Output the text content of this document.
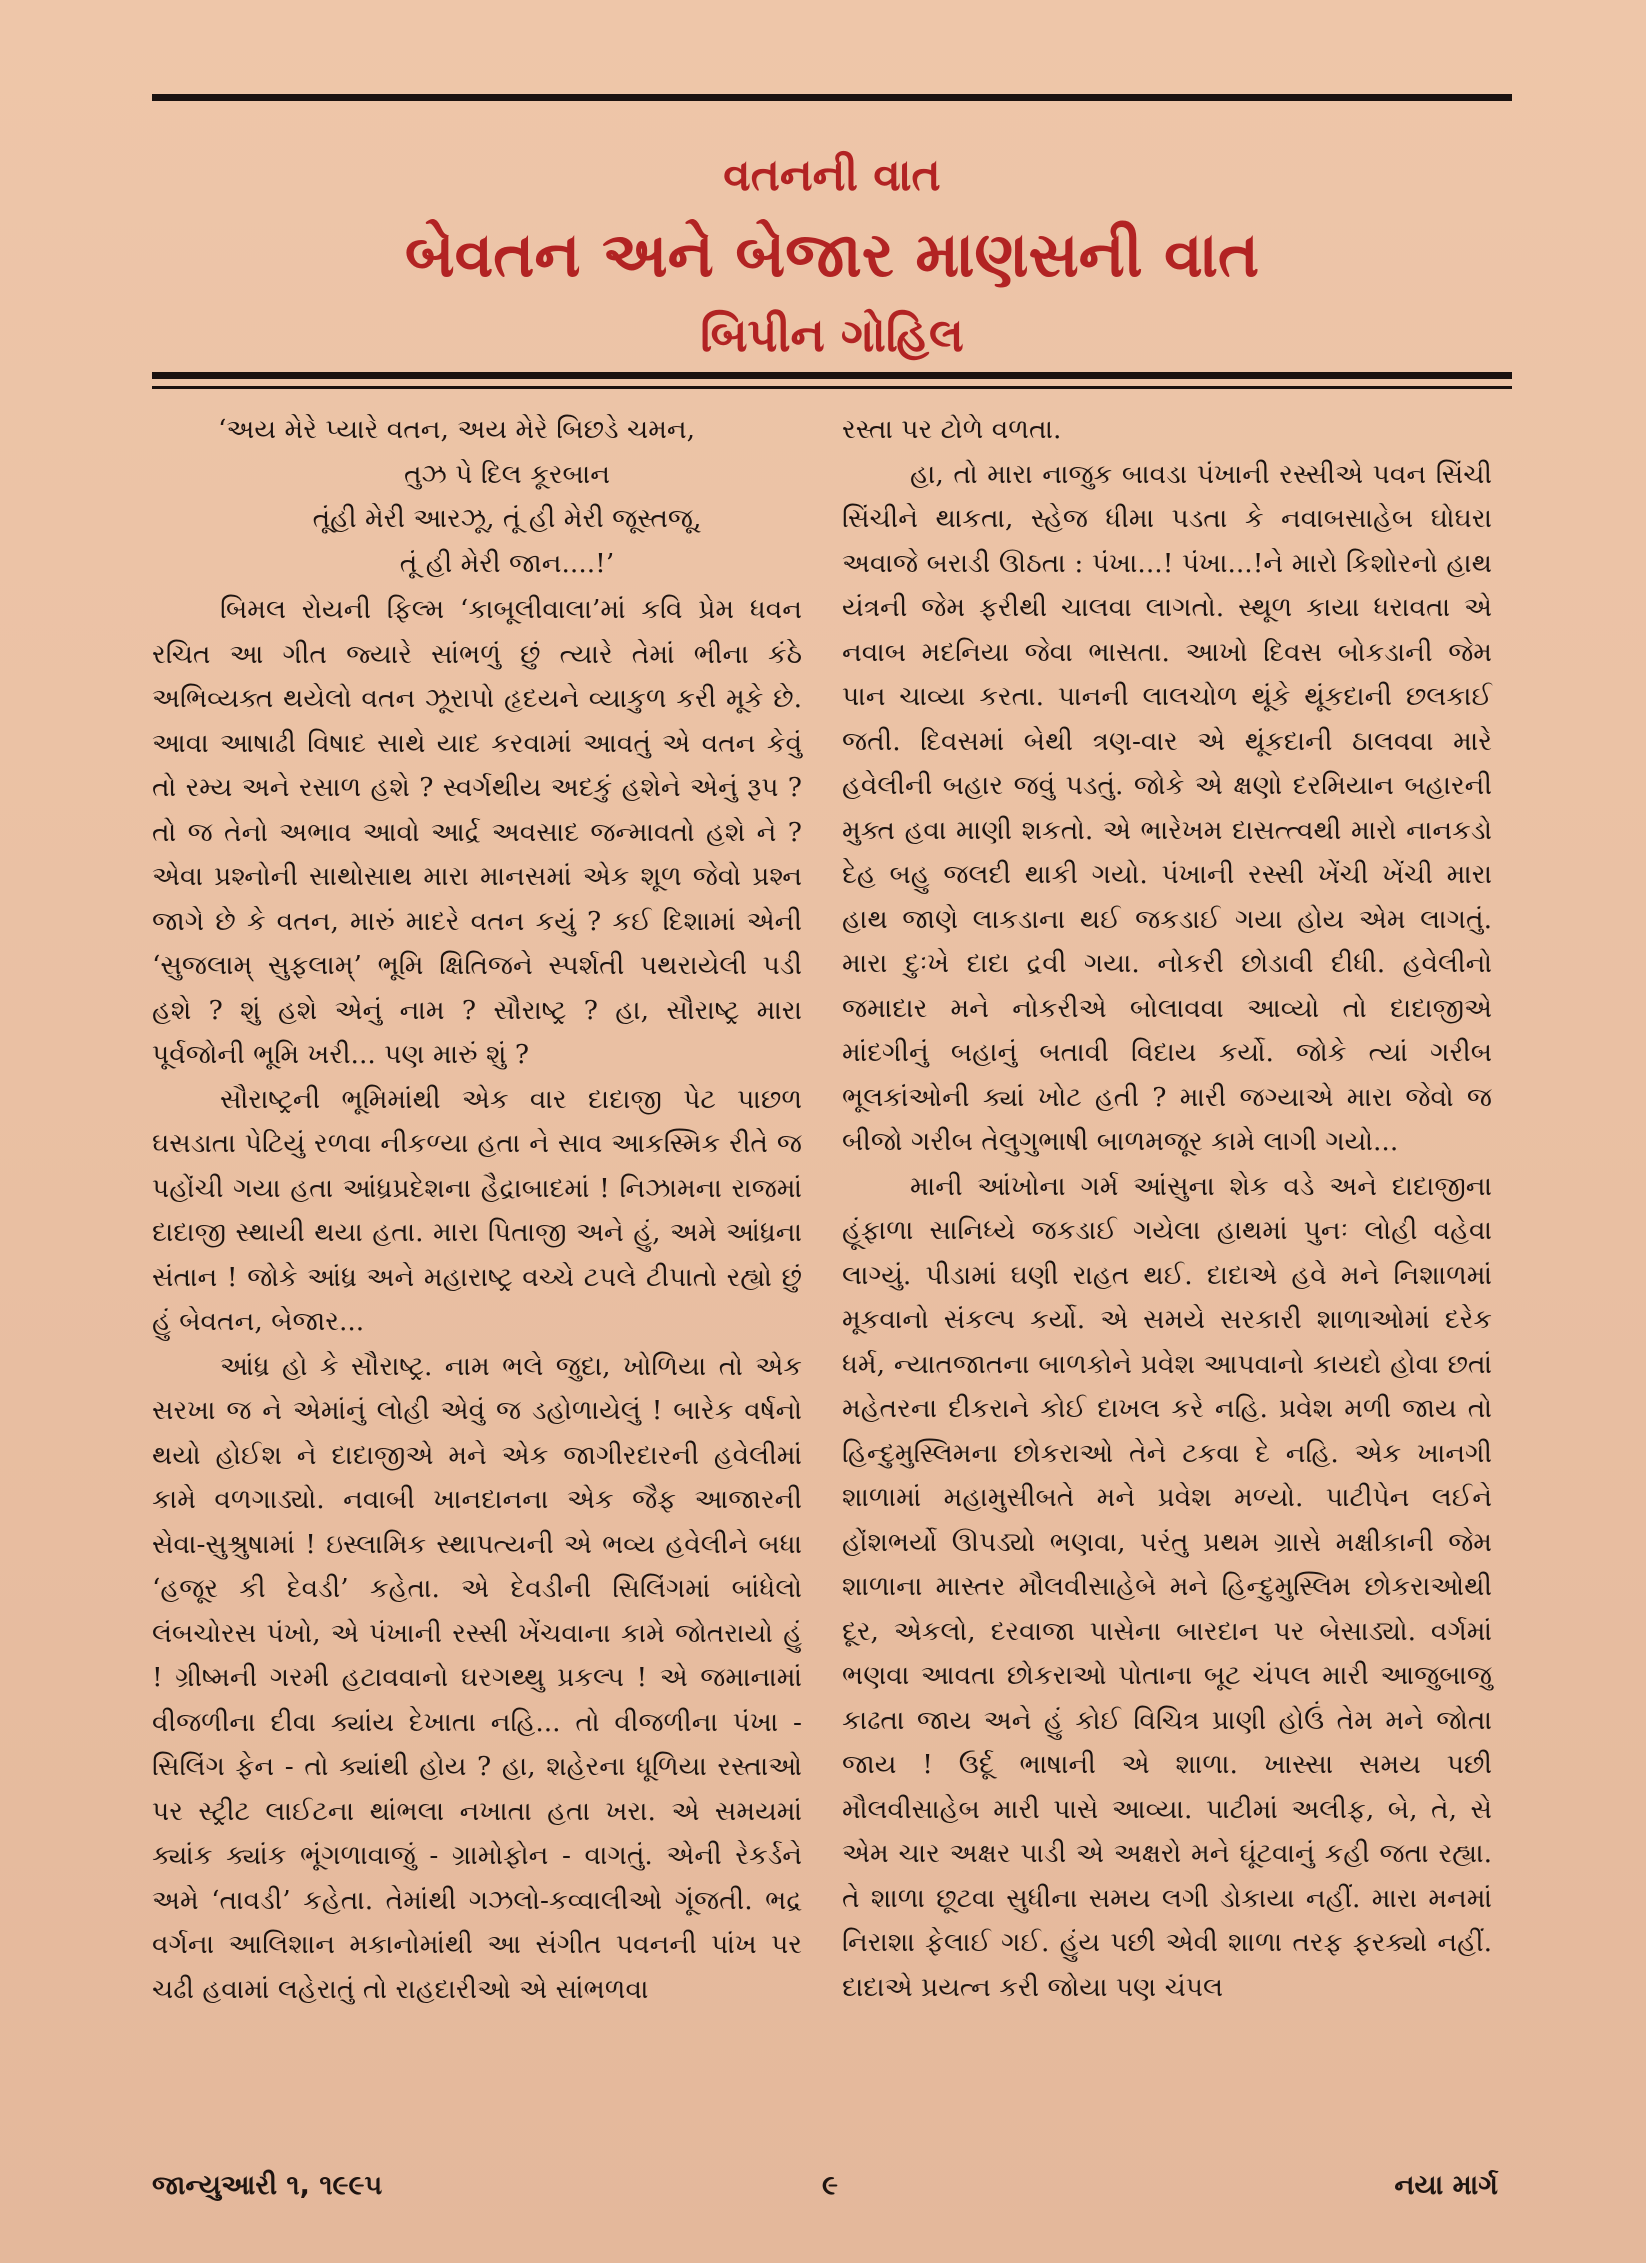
વતનની વાત
બેવતન અને બેજાર માણસની વાત
બિપીન ગોહિલ
‘અય મેરે પ્યારે વતન, અય મેરે બિછડે ચમન,
તુઝ પે દિલ કૂરબાન
તૂંહી મેરી આરઝૂ, તૂં હી મેરી જૂસ્તજૂ,
તૂં હી મેરી જાન....!’

બિમલ રોયની ફિલ્મ ‘કાબૂલીવાલા’માં કવિ પ્રેમ ધવન રચિત આ ગીત જ્યારે સાંભળું છું ત્યારે તેમાં ભીના કંઠે અભિવ્યક્ત થયેલો વતન ઝૂરાપો હૃદયને વ્યાકુળ કરી મૂકે છે. આવા આષાઢી વિષાદ સાથે યાદ કરવામાં આવતું એ વતન કેવું તો રમ્ય અને રસાળ હશે ? સ્વર્ગથીય અદકું હશેને એનું રૂપ ? તો જ તેનો અભાવ આવો આર્દ્ર અવસાદ જન્માવતો હશે ને ? એવા પ્રશ્નોની સાથોસાથ મારા માનસમાં એક શૂળ જેવો પ્રશ્ન જાગે છે કે વતન, મારું માદરે વતન કયું ? કઈ દિશામાં એની ‘સુજલામ્ સુફલામ્’ ભૂમિ ક્ષિતિજને સ્પર્શતી પથરાયેલી પડી હશે ? શું હશે એનું નામ ? સૌરાષ્ટ્ર ? હા, સૌરાષ્ટ્ર મારા પૂર્વજોની ભૂમિ ખરી... પણ મારું શું ?

સૌરાષ્ટ્રની ભૂમિમાંથી એક વાર દાદાજી પેટ પાછળ ઘસડાતા પેટિયું રળવા નીકળ્યા હતા ને સાવ આકસ્મિક રીતે જ પહોંચી ગયા હતા આંધ્રપ્રદેશના હૈદ્રાબાદમાં ! નિઝામના રાજમાં દાદાજી સ્થાયી થયા હતા. મારા પિતાજી અને હું, અમે આંધ્રના સંતાન ! જોકે આંધ્ર અને મહારાષ્ટ્ર વચ્ચે ટપલે ટીપાતો રહ્યો છું હું બેવતન, બેજાર...

આંધ્ર હો કે સૌરાષ્ટ્ર. નામ ભલે જુદા, ખોળિયા તો એક સરખા જ ને એમાંનું લોહી એવું જ ડહોળાયેલું ! બારેક વર્ષનો થયો હોઈશ ને દાદાજીએ મને એક જાગીરદારની હવેલીમાં કામે વળગાડ્યો. નવાબી ખાનદાનના એક જૈફ આજારની સેવા-સુશ્રુષામાં ! ઇસ્લામિક સ્થાપત્યની એ ભવ્ય હવેલીને બધા ‘હજૂર કી દેવડી’ કહેતા. એ દેવડીની સિલિંગમાં બાંધેલો લંબચોરસ પંખો, એ પંખાની રસ્સી ખેંચવાના કામે જોતરાયો હું ! ગ્રીષ્મની ગરમી હટાવવાનો ઘરગથ્થુ પ્રકલ્પ ! એ જમાનામાં વીજળીના દીવા ક્યાંય દેખાતા નહિ... તો વીજળીના પંખા - સિલિંગ ફેન - તો ક્યાંથી હોય ? હા, શહેરના ધૂળિયા રસ્તાઓ પર સ્ટ્રીટ લાઈટના થાંભલા નખાતા હતા ખરા. એ સમયમાં ક્યાંક ક્યાંક ભૂંગળાવાજું - ગ્રામોફોન - વાગતું. એની રેકર્ડને અમે ‘તાવડી’ કહેતા. તેમાંથી ગઝલો-કવ્વાલીઓ ગૂંજતી. ભદ્ર વર્ગના આલિશાન મકાનોમાંથી આ સંગીત પવનની પાંખ પર ચઢી હવામાં લહેરાતું તો રાહદારીઓ એ સાંભળવા

રસ્તા પર ટોળે વળતા.

હા, તો મારા નાજુક બાવડા પંખાની રસ્સીએ પવન સિંચી સિંચીને થાકતા, સ્હેજ ધીમા પડતા કે નવાબસાહેબ ઘોઘરા અવાજે બરાડી ઊઠતા : પંખા...! પંખા...!ને મારો કિશોરનો હાથ યંત્રની જેમ ફરીથી ચાલવા લાગતો. સ્થૂળ કાયા ધરાવતા એ નવાબ મદનિયા જેવા ભાસતા. આખો દિવસ બોકડાની જેમ પાન ચાવ્યા કરતા. પાનની લાલચોળ થૂંકે થૂંકદાની છલકાઈ જતી. દિવસમાં બેથી ત્રણ-વાર એ થૂંકદાની ઠાલવવા મારે હવેલીની બહાર જવું પડતું. જોકે એ ક્ષણો દરમિયાન બહારની મુક્ત હવા માણી શકતો. એ ભારેખમ દાસત્ત્વથી મારો નાનકડો દેહ બહુ જલદી થાકી ગયો. પંખાની રસ્સી ખેંચી ખેંચી મારા હાથ જાણે લાકડાના થઈ જકડાઈ ગયા હોય એમ લાગતું. મારા દુઃખે દાદા દ્રવી ગયા. નોકરી છોડાવી દીધી. હવેલીનો જમાદાર મને નોકરીએ બોલાવવા આવ્યો તો દાદાજીએ માંદગીનું બહાનું બતાવી વિદાય કર્યો. જોકે ત્યાં ગરીબ ભૂલકાંઓની ક્યાં ખોટ હતી ? મારી જગ્યાએ મારા જેવો જ બીજો ગરીબ તેલુગુભાષી બાળમજૂર કામે લાગી ગયો...

માની આંખોના ગર્મ આંસુના શેક વડે અને દાદાજીના હૂંફાળા સાનિધ્યે જકડાઈ ગયેલા હાથમાં પુનઃ લોહી વહેવા લાગ્યું. પીડામાં ઘણી રાહત થઈ. દાદાએ હવે મને નિશાળમાં મૂકવાનો સંકલ્પ કર્યો. એ સમયે સરકારી શાળાઓમાં દરેક ધર્મ, ન્યાતજાતના બાળકોને પ્રવેશ આપવાનો કાયદો હોવા છતાં મહેતરના દીકરાને કોઈ દાખલ કરે નહિ. પ્રવેશ મળી જાય તો હિન્દુમુસ્લિમના છોકરાઓ તેને ટકવા દે નહિ. એક ખાનગી શાળામાં મહામુસીબતે મને પ્રવેશ મળ્યો. પાટીપેન લઈને હોંશભર્યો ઊપડ્યો ભણવા, પરંતુ પ્રથમ ગ્રાસે મક્ષીકાની જેમ શાળાના માસ્તર મૌલવીસાહેબે મને હિન્દુમુસ્લિમ છોકરાઓથી દૂર, એકલો, દરવાજા પાસેના બારદાન પર બેસાડ્યો. વર્ગમાં ભણવા આવતા છોકરાઓ પોતાના બૂટ ચંપલ મારી આજુબાજુ કાઢતા જાય અને હું કોઈ વિચિત્ર પ્રાણી હોઉં તેમ મને જોતા જાય ! ઉર્દૂ ભાષાની એ શાળા. ખાસ્સા સમય પછી મૌલવીસાહેબ મારી પાસે આવ્યા. પાટીમાં અલીફ, બે, તે, સે એમ ચાર અક્ષર પાડી એ અક્ષરો મને ઘૂંટવાનું કહી જતા રહ્યા. તે શાળા છૂટવા સુધીના સમય લગી ડોકાયા નહીં. મારા મનમાં નિરાશા ફેલાઈ ગઈ. હુંય પછી એવી શાળા તરફ ફરક્યો નહીં. દાદાએ પ્રયત્ન કરી જોયા પણ ચંપલ

જાન્યુઆરી ૧, ૧૯૯૫	૯	નયા માર્ગ
